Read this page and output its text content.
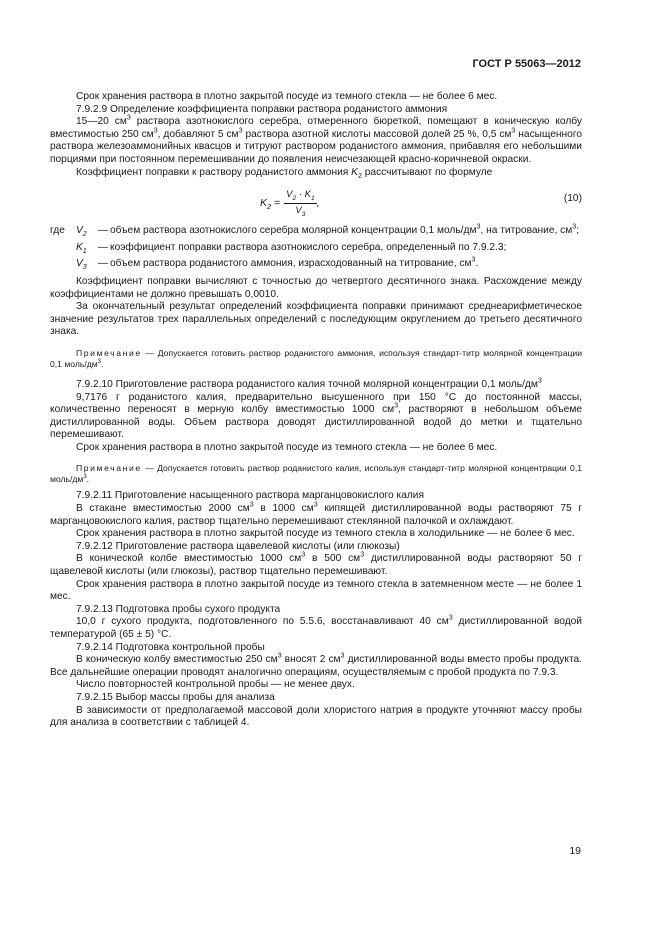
ГОСТ Р 55063—2012

Срок хранения раствора в плотно закрытой посуде из темного стекла — не более 6 мес.

7.9.2.9 Определение коэффициента поправки раствора роданистого аммония

15—20 $см^3$ раствора азотнокислого серебра, отмеренного бюреткой, помещают в коническую колбу вместимостью 250 $см^3$, добавляют 5 $см^3$ раствора азотной кислоты массовой долей 25 %, 0,5 $см^3$ насыщенного раствора железоаммонийных квасцов и титруют раствором роданистого аммония, прибавляя его небольшими порциями при постоянном перемешивании до появления неисчезающей красно-коричневой окраски.

Коэффициент поправки к раствору роданистого аммония $K_2$ рассчитывают по формуле

$K_2 = \frac{V_2 \cdot K_1}{V_3}$ ,	(10)
где	$V_2$	— объем раствора азотнокислого серебра молярной концентрации 0,1 моль/$дм^3$, на титрование, $см^3$;
$K_1$	— коэффициент поправки раствора азотнокислого серебра, определенный по 7.9.2.3;
$V_3$	— объем раствора роданистого аммония, израсходованный на титрование, $см^3$.

Коэффициент поправки вычисляют с точностью до четвертого десятичного знака. Расхождение между коэффициентами не должно превышать 0,0010.

За окончательный результат определений коэффициента поправки принимают среднеарифметическое значение результатов трех параллельных определений с последующим округлением до третьего десятичного знака.

Примечание — Допускается готовить раствор роданистого аммония, используя стандарт-титр молярной концентрации 0,1 моль/$дм^3$.

7.9.2.10 Приготовление раствора роданистого калия точной молярной концентрации 0,1 моль/$дм^3$

9,7176 г роданистого калия, предварительно высушенного при 150 °C до постоянной массы, количественно переносят в мерную колбу вместимостью 1000 $см^3$, растворяют в небольшом объеме дистиллированной воды. Объем раствора доводят дистиллированной водой до метки и тщательно перемешивают.

Срок хранения раствора в плотно закрытой посуде из темного стекла — не более 6 мес.

Примечание — Допускается готовить раствор роданистого калия, используя стандарт-титр молярной концентрации 0,1 моль/$дм^3$.

7.9.2.11 Приготовление насыщенного раствора марганцовокислого калия

В стакане вместимостью 2000 $см^3$ в 1000 $см^3$ кипящей дистиллированной воды растворяют 75 г марганцовокислого калия, раствор тщательно перемешивают стеклянной палочкой и охлаждают.

Срок хранения раствора в плотно закрытой посуде из темного стекла в холодильнике — не более 6 мес.

7.9.2.12 Приготовление раствора щавелевой кислоты (или глюкозы)

В конической колбе вместимостью 1000 $см^3$ в 500 $см^3$ дистиллированной воды растворяют 50 г щавелевой кислоты (или глюкозы), раствор тщательно перемешивают.

Срок хранения раствора в плотно закрытой посуде из темного стекла в затемненном месте — не более 1 мес.

7.9.2.13 Подготовка пробы сухого продукта

10,0 г сухого продукта, подготовленного по 5.5.6, восстанавливают 40 $см^3$ дистиллированной водой температурой (65 ± 5) °C.

7.9.2.14 Подготовка контрольной пробы

В коническую колбу вместимостью 250 $см^3$ вносят 2 $см^3$ дистиллированной воды вместо пробы продукта. Все дальнейшие операции проводят аналогично операциям, осуществляемым с пробой продукта по 7.9.3.

Число повторностей контрольной пробы — не менее двух.

7.9.2.15 Выбор массы пробы для анализа

В зависимости от предполагаемой массовой доли хлористого натрия в продукте уточняют массу пробы для анализа в соответствии с таблицей 4.

19
